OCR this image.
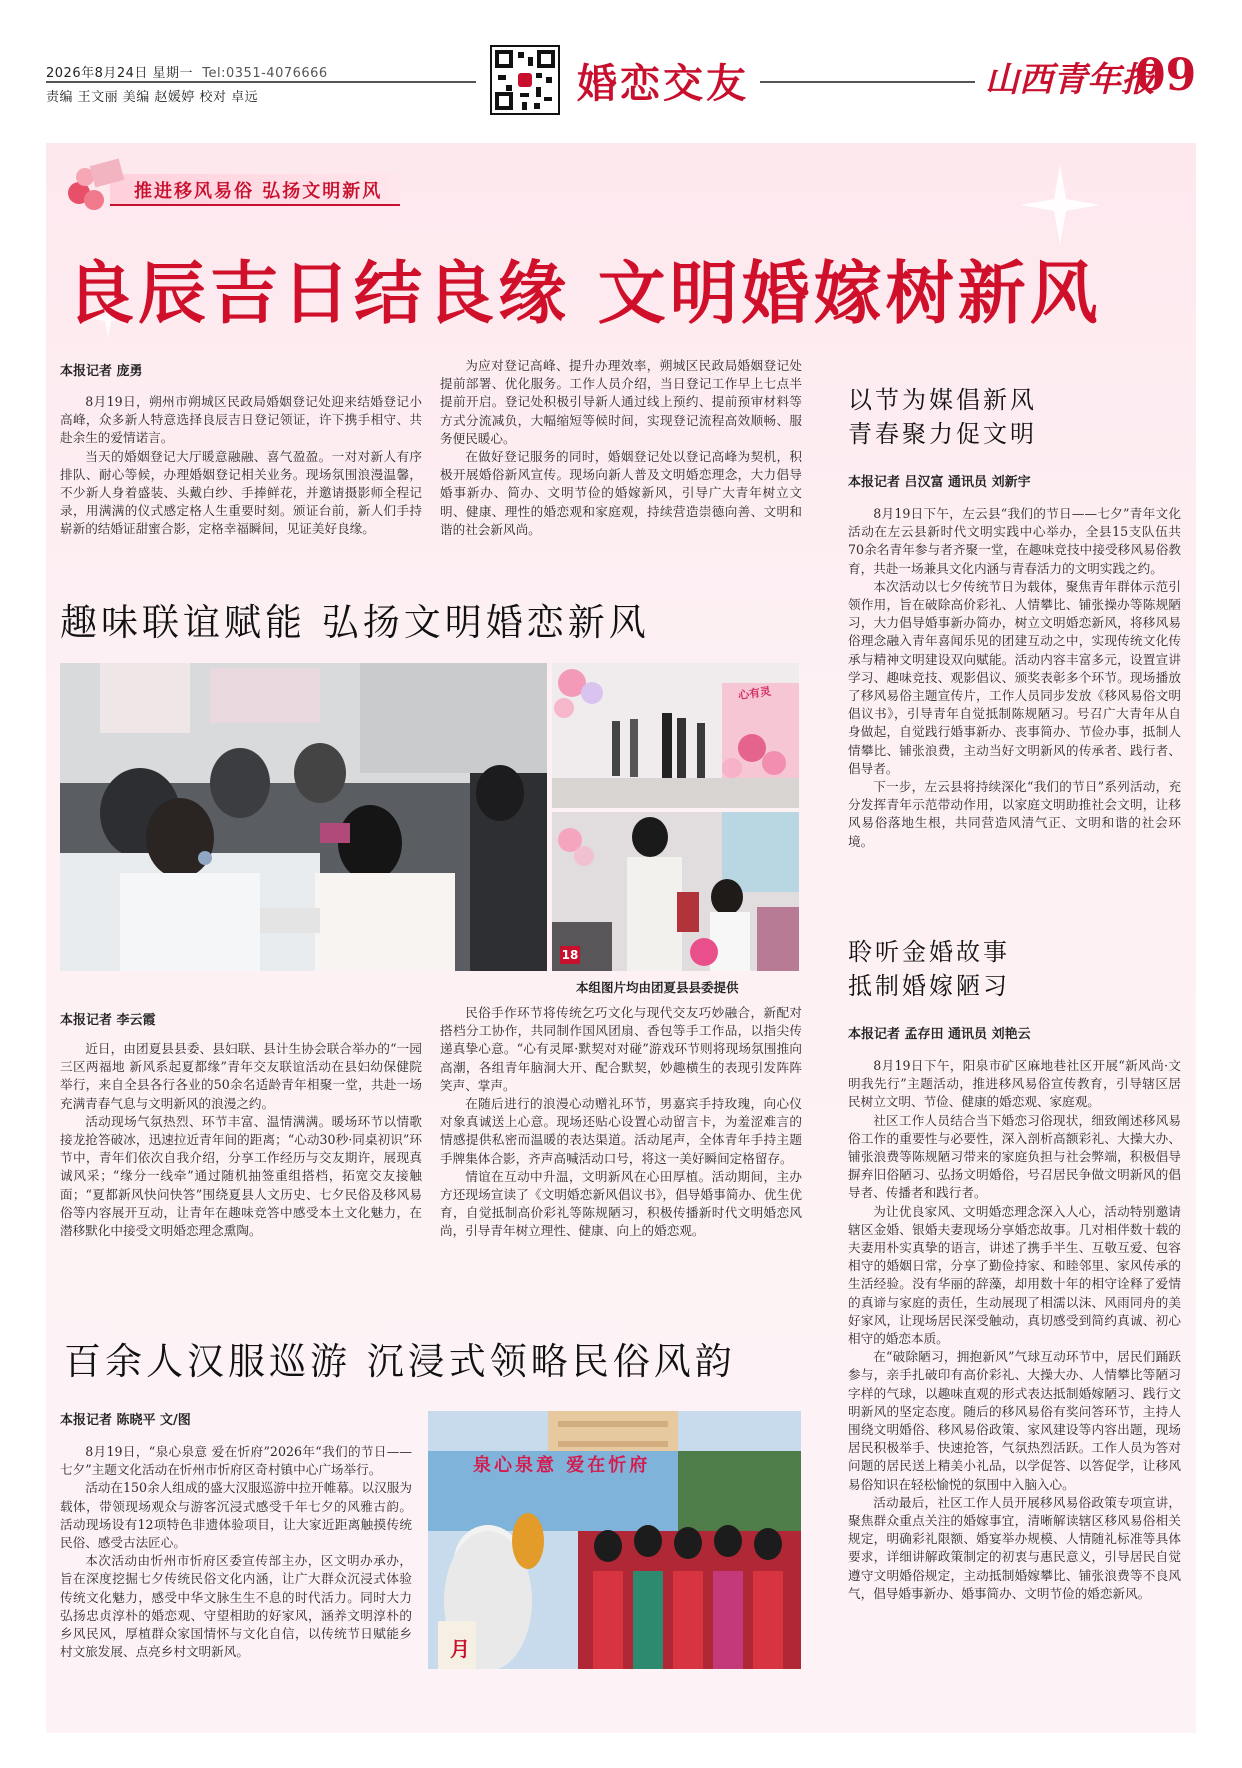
2026年8月24日 星期一 Tel:0351-4076666
责编 王文丽 美编 赵媛婷 校对 卓远	婚恋交友	山西青年报
09
推进移风易俗 弘扬文明新风
良辰吉日结良缘 文明婚嫁树新风
本报记者 庞勇

8月19日，朔州市朔城区民政局婚姻登记处迎来结婚登记小高峰，众多新人特意选择良辰吉日登记领证，许下携手相守、共赴余生的爱情诺言。

当天的婚姻登记大厅暖意融融、喜气盈盈。一对对新人有序排队、耐心等候，办理婚姻登记相关业务。现场氛围浪漫温馨，不少新人身着盛装、头戴白纱、手捧鲜花，并邀请摄影师全程记录，用满满的仪式感定格人生重要时刻。颁证台前，新人们手持崭新的结婚证甜蜜合影，定格幸福瞬间，见证美好良缘。

为应对登记高峰、提升办理效率，朔城区民政局婚姻登记处提前部署、优化服务。工作人员介绍，当日登记工作早上七点半提前开启。登记处积极引导新人通过线上预约、提前预审材料等方式分流减负，大幅缩短等候时间，实现登记流程高效顺畅、服务便民暖心。

在做好登记服务的同时，婚姻登记处以登记高峰为契机，积极开展婚俗新风宣传。现场向新人普及文明婚恋理念，大力倡导婚事新办、简办、文明节俭的婚嫁新风，引导广大青年树立文明、健康、理性的婚恋观和家庭观，持续营造崇德向善、文明和谐的社会新风尚。

趣味联谊赋能 弘扬文明婚恋新风
心有灵
18
本组图片均由团夏县县委提供
本报记者 李云霞

近日，由团夏县县委、县妇联、县计生协会联合举办的“一园三区两福地 新风系起夏都缘”青年交友联谊活动在县妇幼保健院举行，来自全县各行各业的50余名适龄青年相聚一堂，共赴一场充满青春气息与文明新风的浪漫之约。

活动现场气氛热烈、环节丰富、温情满满。暖场环节以情歌接龙抢答破冰，迅速拉近青年间的距离；“心动30秒·同桌初识”环节中，青年们依次自我介绍，分享工作经历与交友期许，展现真诚风采；“缘分一线牵”通过随机抽签重组搭档，拓宽交友接触面；“夏都新风快问快答”围绕夏县人文历史、七夕民俗及移风易俗等内容展开互动，让青年在趣味竞答中感受本土文化魅力，在潜移默化中接受文明婚恋理念熏陶。

民俗手作环节将传统乞巧文化与现代交友巧妙融合，新配对搭档分工协作，共同制作国风团扇、香包等手工作品，以指尖传递真挚心意。“心有灵犀·默契对对碰”游戏环节则将现场氛围推向高潮，各组青年脑洞大开、配合默契，妙趣横生的表现引发阵阵笑声、掌声。

在随后进行的浪漫心动赠礼环节，男嘉宾手持玫瑰，向心仪对象真诚送上心意。现场还贴心设置心动留言卡，为羞涩难言的情感提供私密而温暖的表达渠道。活动尾声，全体青年手持主题手牌集体合影，齐声高喊活动口号，将这一美好瞬间定格留存。

情谊在互动中升温，文明新风在心田厚植。活动期间，主办方还现场宣读了《文明婚恋新风倡议书》，倡导婚事简办、优生优育，自觉抵制高价彩礼等陈规陋习，积极传播新时代文明婚恋风尚，引导青年树立理性、健康、向上的婚恋观。

百余人汉服巡游 沉浸式领略民俗风韵
本报记者 陈晓平 文/图
泉心泉意 爱在忻府
月

8月19日，“泉心泉意 爱在忻府”2026年“我们的节日——七夕”主题文化活动在忻州市忻府区奇村镇中心广场举行。

活动在150余人组成的盛大汉服巡游中拉开帷幕。以汉服为载体，带领现场观众与游客沉浸式感受千年七夕的风雅古韵。活动现场设有12项特色非遗体验项目，让大家近距离触摸传统民俗、感受古法匠心。

本次活动由忻州市忻府区委宣传部主办，区文明办承办，旨在深度挖掘七夕传统民俗文化内涵，让广大群众沉浸式体验传统文化魅力，感受中华文脉生生不息的时代活力。同时大力弘扬忠贞淳朴的婚恋观、守望相助的好家风，涵养文明淳朴的乡风民风，厚植群众家国情怀与文化自信，以传统节日赋能乡村文旅发展、点亮乡村文明新风。

以节为媒倡新风
青春聚力促文明
本报记者 吕汉富 通讯员 刘新宇

8月19日下午，左云县“我们的节日——七夕”青年文化活动在左云县新时代文明实践中心举办，全县15支队伍共70余名青年参与者齐聚一堂，在趣味竞技中接受移风易俗教育，共赴一场兼具文化内涵与青春活力的文明实践之约。

本次活动以七夕传统节日为载体，聚焦青年群体示范引领作用，旨在破除高价彩礼、人情攀比、铺张操办等陈规陋习，大力倡导婚事新办简办，树立文明婚恋新风，将移风易俗理念融入青年喜闻乐见的团建互动之中，实现传统文化传承与精神文明建设双向赋能。活动内容丰富多元，设置宣讲学习、趣味竞技、观影倡议、颁奖表彰多个环节。现场播放了移风易俗主题宣传片，工作人员同步发放《移风易俗文明倡议书》，引导青年自觉抵制陈规陋习。号召广大青年从自身做起，自觉践行婚事新办、丧事简办、节俭办事，抵制人情攀比、铺张浪费，主动当好文明新风的传承者、践行者、倡导者。

下一步，左云县将持续深化“我们的节日”系列活动，充分发挥青年示范带动作用，以家庭文明助推社会文明，让移风易俗落地生根，共同营造风清气正、文明和谐的社会环境。

聆听金婚故事
抵制婚嫁陋习
本报记者 孟存田 通讯员 刘艳云

8月19日下午，阳泉市矿区麻地巷社区开展“新风尚·文明我先行”主题活动，推进移风易俗宣传教育，引导辖区居民树立文明、节俭、健康的婚恋观、家庭观。

社区工作人员结合当下婚恋习俗现状，细致阐述移风易俗工作的重要性与必要性，深入剖析高额彩礼、大操大办、铺张浪费等陈规陋习带来的家庭负担与社会弊端，积极倡导摒弃旧俗陋习、弘扬文明婚俗，号召居民争做文明新风的倡导者、传播者和践行者。

为让优良家风、文明婚恋理念深入人心，活动特别邀请辖区金婚、银婚夫妻现场分享婚恋故事。几对相伴数十载的夫妻用朴实真挚的语言，讲述了携手半生、互敬互爱、包容相守的婚姻日常，分享了勤俭持家、和睦邻里、家风传承的生活经验。没有华丽的辞藻，却用数十年的相守诠释了爱情的真谛与家庭的责任，生动展现了相濡以沫、风雨同舟的美好家风，让现场居民深受触动，真切感受到简约真诚、初心相守的婚恋本质。

在“破除陋习，拥抱新风”气球互动环节中，居民们踊跃参与，亲手扎破印有高价彩礼、大操大办、人情攀比等陋习字样的气球，以趣味直观的形式表达抵制婚嫁陋习、践行文明新风的坚定态度。随后的移风易俗有奖问答环节，主持人围绕文明婚俗、移风易俗政策、家风建设等内容出题，现场居民积极举手、快速抢答，气氛热烈活跃。工作人员为答对问题的居民送上精美小礼品，以学促答、以答促学，让移风易俗知识在轻松愉悦的氛围中入脑入心。

活动最后，社区工作人员开展移风易俗政策专项宣讲，聚焦群众重点关注的婚嫁事宜，清晰解读辖区移风易俗相关规定，明确彩礼限额、婚宴举办规模、人情随礼标准等具体要求，详细讲解政策制定的初衷与惠民意义，引导居民自觉遵守文明婚俗规定，主动抵制婚嫁攀比、铺张浪费等不良风气，倡导婚事新办、婚事简办、文明节俭的婚恋新风。
